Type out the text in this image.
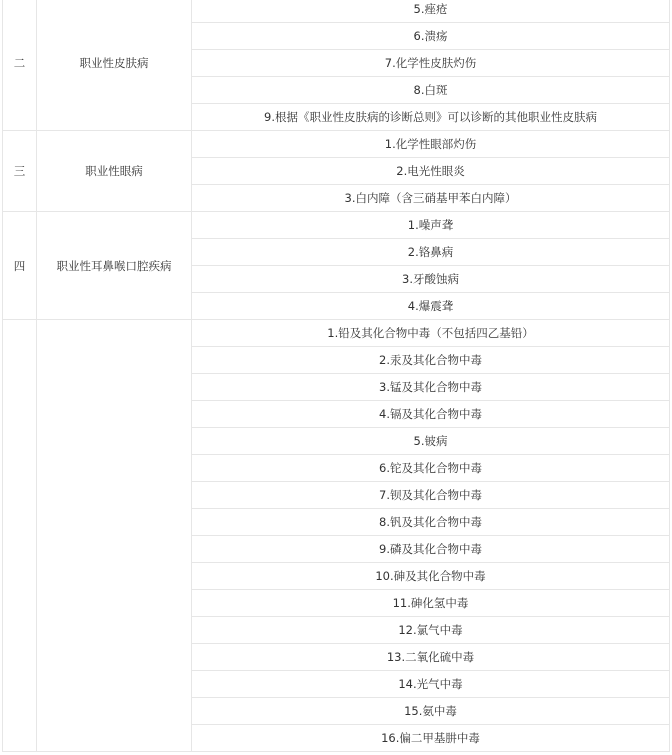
二	职业性皮肤病	5.痤疮
		6.溃疡
		7.化学性皮肤灼伤
		8.白斑
		9.根据《职业性皮肤病的诊断总则》可以诊断的其他职业性皮肤病
三	职业性眼病	1.化学性眼部灼伤
		2.电光性眼炎
		3.白内障（含三硝基甲苯白内障）
四	职业性耳鼻喉口腔疾病	1.噪声聋
		2.铬鼻病
		3.牙酸蚀病
		4.爆震聋
		1.铅及其化合物中毒（不包括四乙基铅）
		2.汞及其化合物中毒
		3.锰及其化合物中毒
		4.镉及其化合物中毒
		5.铍病
		6.铊及其化合物中毒
		7.钡及其化合物中毒
		8.钒及其化合物中毒
		9.磷及其化合物中毒
		10.砷及其化合物中毒
		11.砷化氢中毒
		12.氯气中毒
		13.二氧化硫中毒
		14.光气中毒
		15.氨中毒
		16.偏二甲基肼中毒
